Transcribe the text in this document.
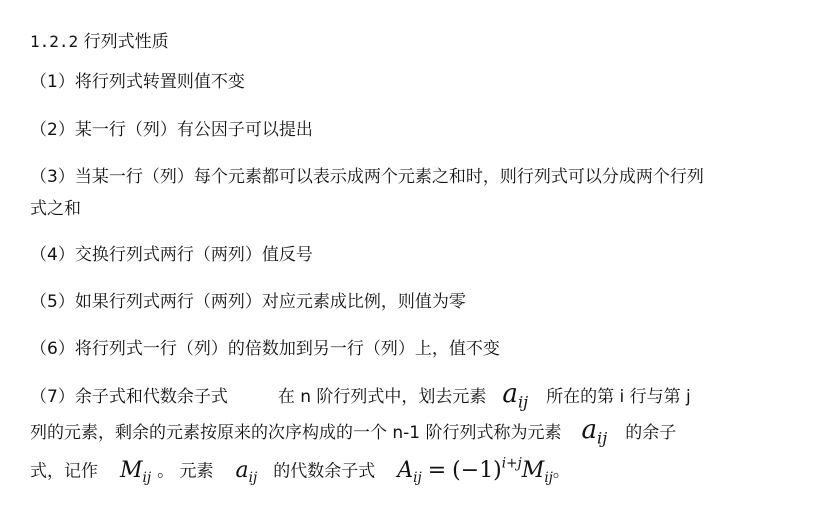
1.2.2 行列式性质
（1）将行列式转置则值不变
（2）某一行（列）有公因子可以提出
（3）当某一行（列）每个元素都可以表示成两个元素之和时，则行列式可以分成两个行列
式之和
（4）交换行列式两行（两列）值反号
（5）如果行列式两行（两列）对应元素成比例，则值为零
（6）将行列式一行（列）的倍数加到另一行（列）上，值不变
（7）余子式和代数余子式	在 n 阶行列式中，划去元素 $a_{ij}$ 所在的第 i 行与第 j
列的元素，剩余的元素按原来的次序构成的一个 n-1 阶行列式称为元素 $a_{ij}$ 的余子
式，记作 $M_{ij}$ 。 元素 $a_{ij}$ 的代数余子式 $A_{ij} = (-1)^{i+j}M_{ij}$。
